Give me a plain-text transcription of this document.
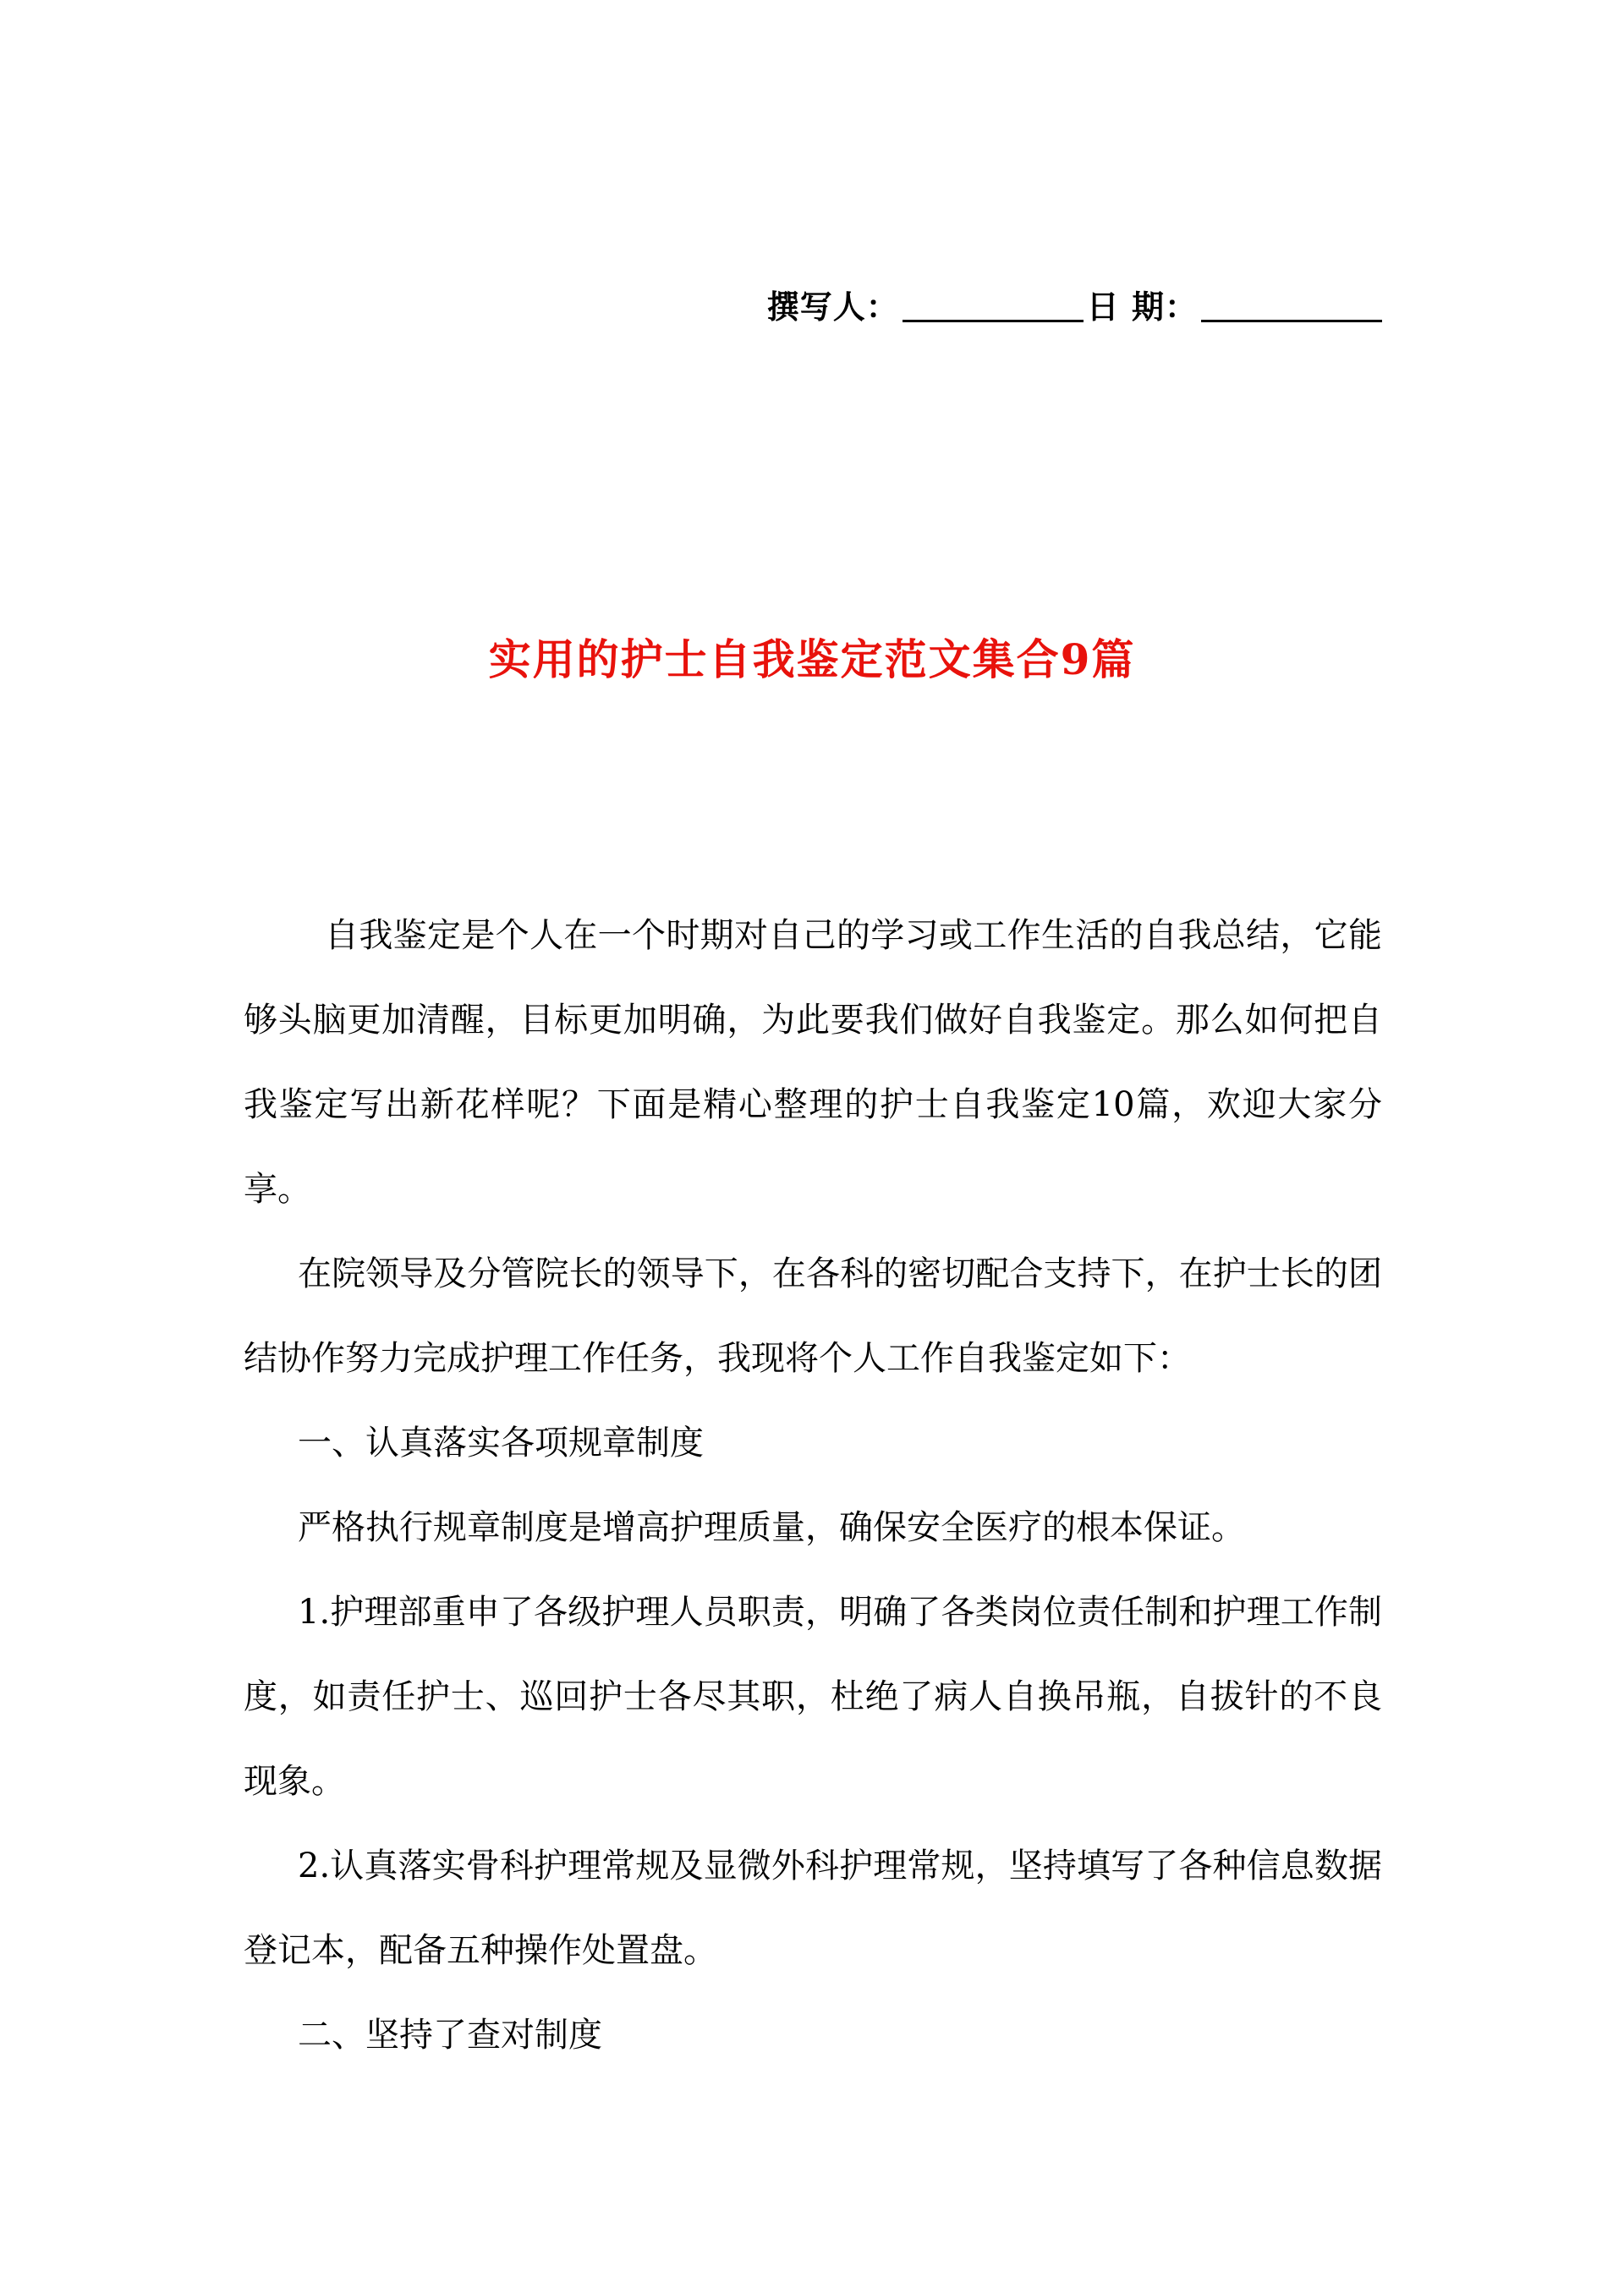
撰写人：	日 期：
实用的护士自我鉴定范文集合9篇

自我鉴定是个人在一个时期对自己的学习或工作生活的自我总结，它能够头脑更加清醒，目标更加明确，为此要我们做好自我鉴定。那么如何把自我鉴定写出新花样呢？下面是精心整理的护士自我鉴定10篇，欢迎大家分享。

在院领导及分管院长的领导下，在各科的密切配合支持下，在护士长的团结协作努力完成护理工作任务，我现将个人工作自我鉴定如下：

一、认真落实各项规章制度

严格执行规章制度是增高护理质量，确保安全医疗的根本保证。

1.护理部重申了各级护理人员职责，明确了各类岗位责任制和护理工作制度，如责任护士、巡回护士各尽其职，杜绝了病人自换吊瓶，自拔针的不良现象。

2.认真落实骨科护理常规及显微外科护理常规，坚持填写了各种信息数据登记本，配备五种操作处置盘。

二、坚持了查对制度
